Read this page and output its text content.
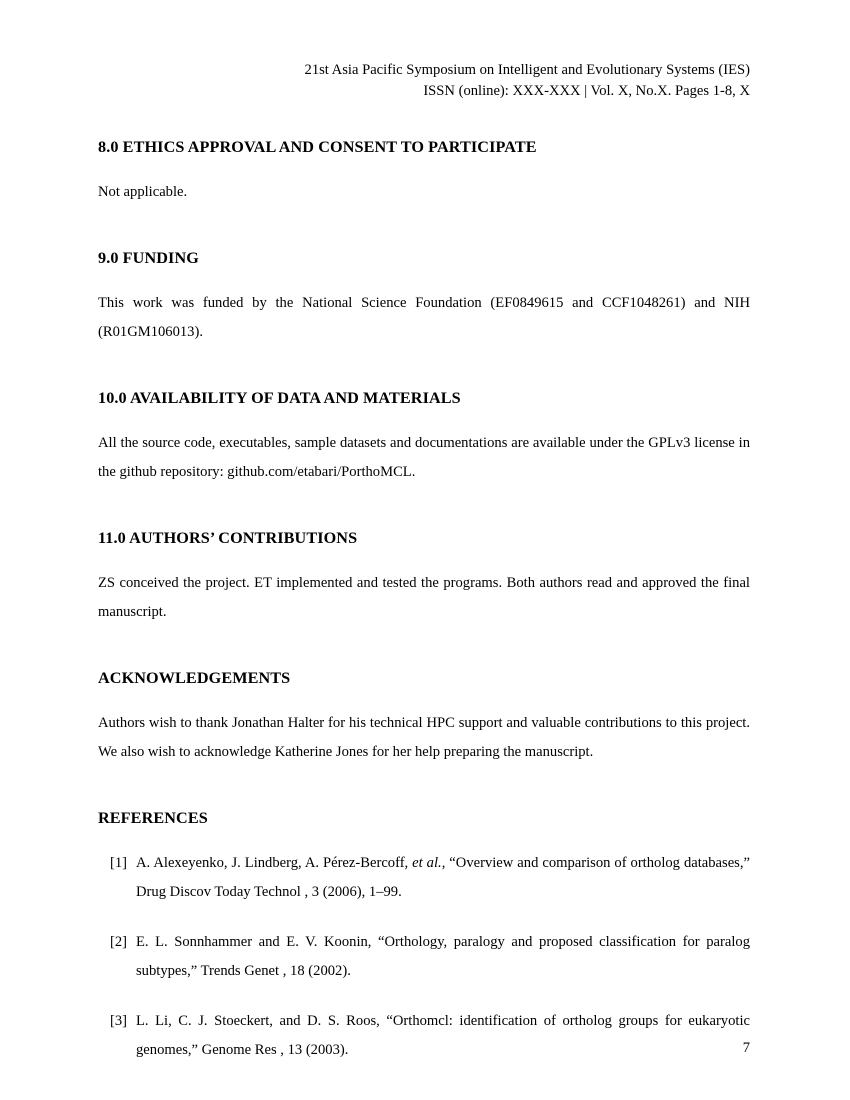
21st Asia Pacific Symposium on Intelligent and Evolutionary Systems (IES)
ISSN (online): XXX-XXX | Vol. X, No.X. Pages 1-8, X
8.0 ETHICS APPROVAL AND CONSENT TO PARTICIPATE

Not applicable.

9.0 FUNDING

This work was funded by the National Science Foundation (EF0849615 and CCF1048261) and NIH (R01GM106013).

10.0 AVAILABILITY OF DATA AND MATERIALS

All the source code, executables, sample datasets and documentations are available under the GPLv3 license in the github repository: github.com/etabari/PorthoMCL.

11.0 AUTHORS’ CONTRIBUTIONS

ZS conceived the project. ET implemented and tested the programs. Both authors read and approved the final manuscript.

ACKNOWLEDGEMENTS

Authors wish to thank Jonathan Halter for his technical HPC support and valuable contributions to this project. We also wish to acknowledge Katherine Jones for her help preparing the manuscript.

REFERENCES
[1] A. Alexeyenko, J. Lindberg, A. Pérez-Bercoff, et al., “Overview and comparison of ortholog databases,” Drug Discov Today Technol , 3 (2006), 1–99.
[2] E. L. Sonnhammer and E. V. Koonin, “Orthology, paralogy and proposed classification for paralog subtypes,” Trends Genet , 18 (2002).
[3] L. Li, C. J. Stoeckert, and D. S. Roos, “Orthomcl: identification of ortholog groups for eukaryotic genomes,” Genome Res , 13 (2003).	7
